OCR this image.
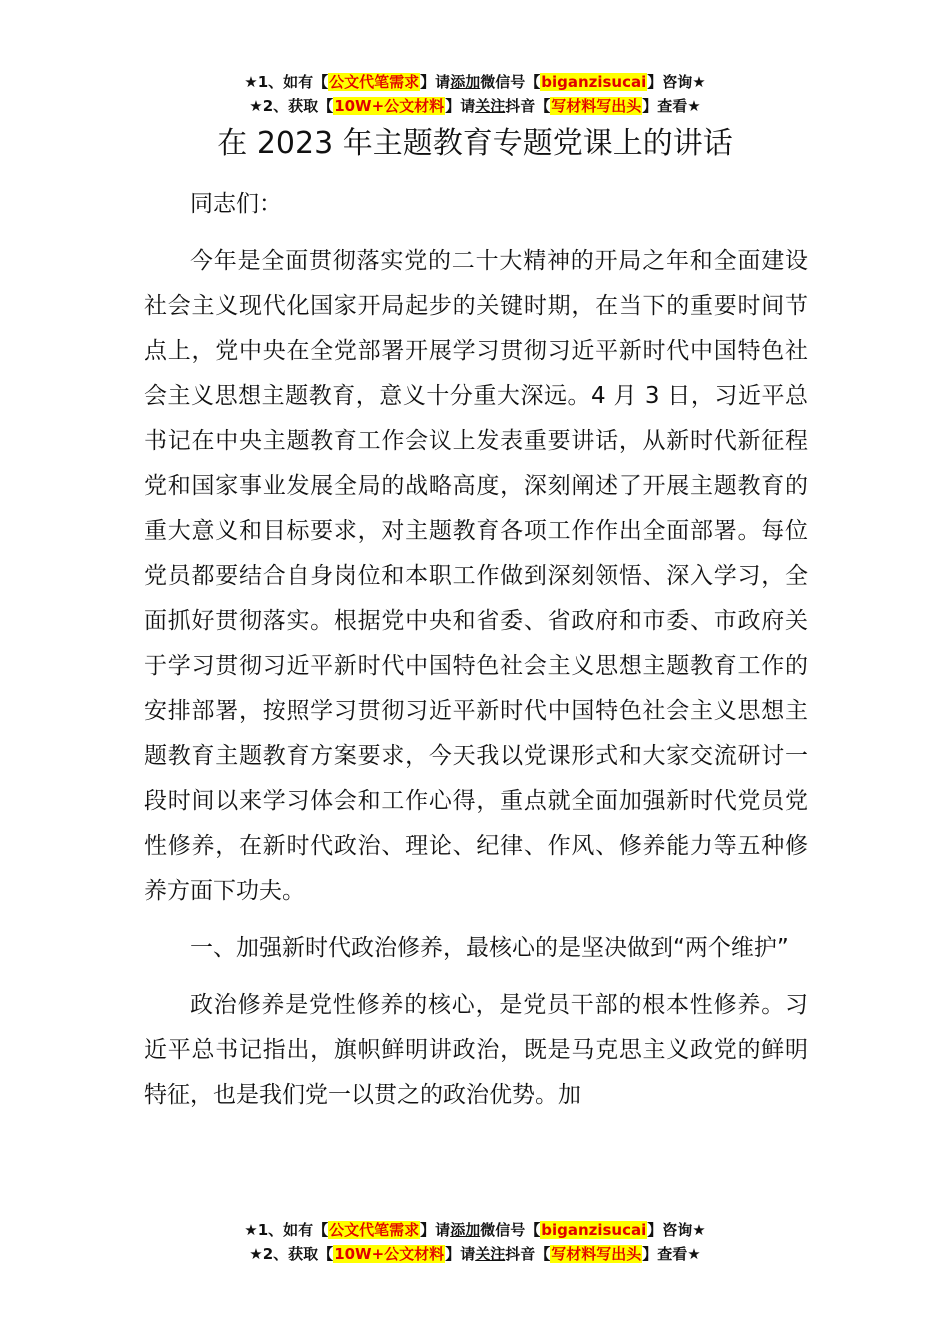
★1、如有【公文代笔需求】请添加微信号【biganzisucai】咨询★
★2、获取【10W+公文材料】请关注抖音【写材料写出头】查看★
在 2023 年主题教育专题党课上的讲话

同志们：

今年是全面贯彻落实党的二十大精神的开局之年和全面建设社会主义现代化国家开局起步的关键时期，在当下的重要时间节点上，党中央在全党部署开展学习贯彻习近平新时代中国特色社会主义思想主题教育，意义十分重大深远。4 月 3 日，习近平总书记在中央主题教育工作会议上发表重要讲话，从新时代新征程党和国家事业发展全局的战略高度，深刻阐述了开展主题教育的重大意义和目标要求，对主题教育各项工作作出全面部署。每位党员都要结合自身岗位和本职工作做到深刻领悟、深入学习，全面抓好贯彻落实。根据党中央和省委、省政府和市委、市政府关于学习贯彻习近平新时代中国特色社会主义思想主题教育工作的安排部署，按照学习贯彻习近平新时代中国特色社会主义思想主题教育主题教育方案要求，今天我以党课形式和大家交流研讨一段时间以来学习体会和工作心得，重点就全面加强新时代党员党性修养，在新时代政治、理论、纪律、作风、修养能力等五种修养方面下功夫。

一、加强新时代政治修养，最核心的是坚决做到“两个维护”

政治修养是党性修养的核心，是党员干部的根本性修养。习近平总书记指出，旗帜鲜明讲政治，既是马克思主义政党的鲜明特征，也是我们党一以贯之的政治优势。加

★1、如有【公文代笔需求】请添加微信号【biganzisucai】咨询★
★2、获取【10W+公文材料】请关注抖音【写材料写出头】查看★
